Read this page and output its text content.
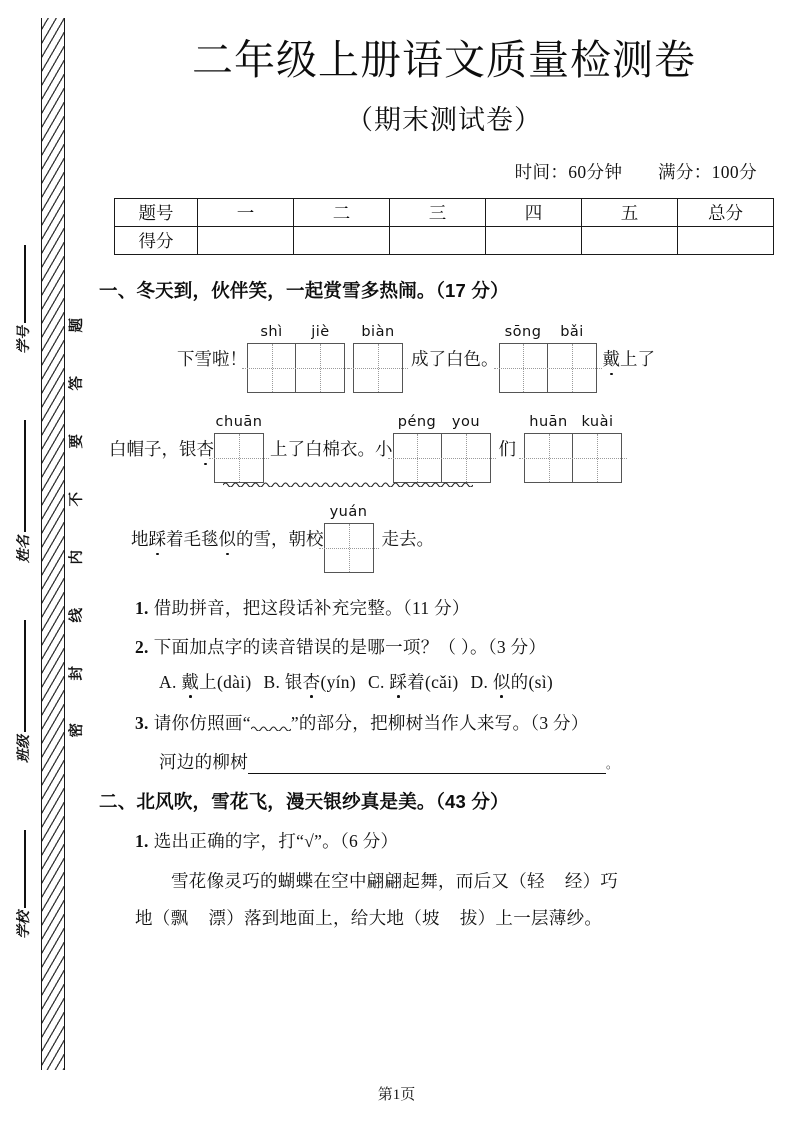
题
答
要
不
内
线
封
密
学号
姓名
班级
学校
二年级上册语文质量检测卷
（期末测试卷）
时间：60分钟 满分：100分
题号	一	二	三	四	五	总分
得分						
一、冬天到，伙伴笑，一起赏雪多热闹。（17 分）
下雪啦！
shì	jiè	biàn
成了白色。
sōng	bǎi
戴上了
白帽子，银杏
chuān
上了白棉衣。小
péng	you
们
huān kuài
地踩着毛毯似的雪，朝校
yuán
走去。
1. 借助拼音，把这段话补充完整。（11 分）
2. 下面加点字的读音错误的是哪一项？（ ）。（3 分）
A. 戴上(dài) B. 银杏(yín) C. 踩着(cǎi) D. 似的(sì)
3. 请你仿照画“ ”的部分，把柳树当作人来写。（3 分）
河边的柳树	。
二、北风吹，雪花飞，漫天银纱真是美。（43 分）
1. 选出正确的字，打“√”。（6 分）
雪花像灵巧的蝴蝶在空中翩翩起舞，而后又（轻 经）巧
地（飘 漂）落到地面上，给大地（坡 拔）上一层薄纱。
第1页
